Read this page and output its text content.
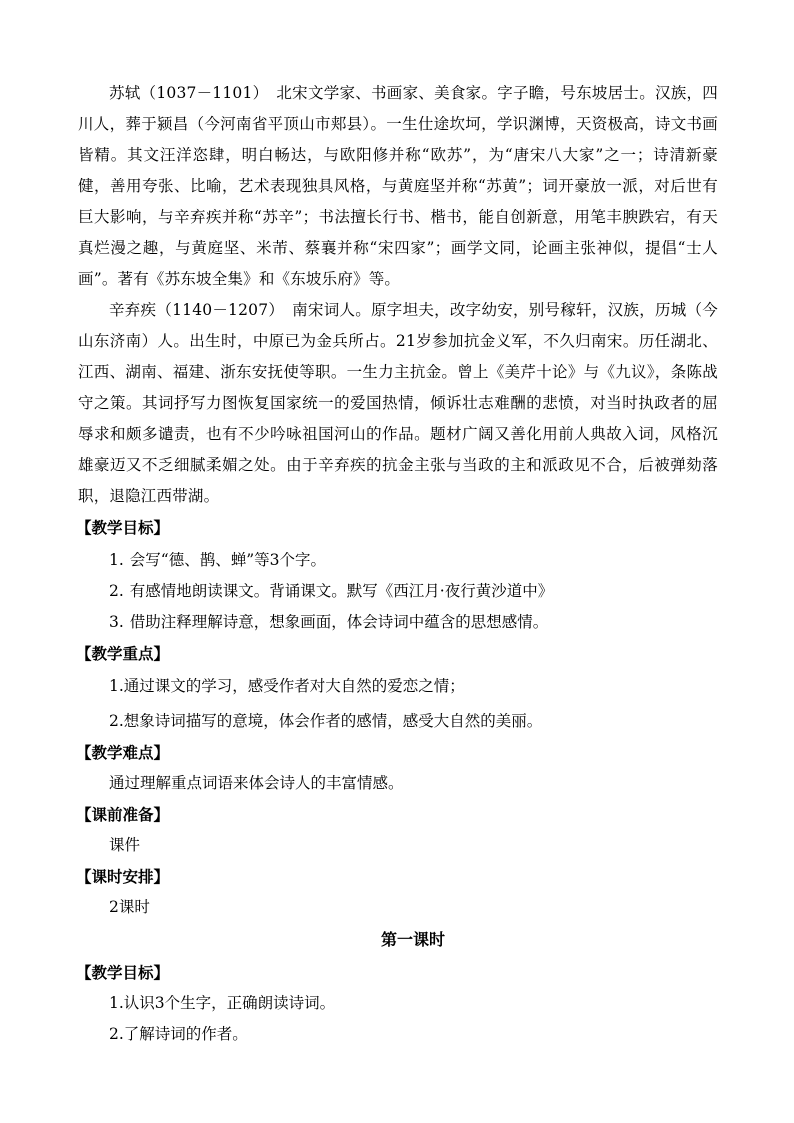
苏轼（1037－1101）　北宋文学家、书画家、美食家。字子瞻，号东坡居士。汉族，四川人，葬于颍昌（今河南省平顶山市郏县）。一生仕途坎坷，学识渊博，天资极高，诗文书画皆精。其文汪洋恣肆，明白畅达，与欧阳修并称“欧苏”，为“唐宋八大家”之一；诗清新豪健，善用夸张、比喻，艺术表现独具风格，与黄庭坚并称“苏黄”；词开豪放一派，对后世有巨大影响，与辛弃疾并称“苏辛”；书法擅长行书、楷书，能自创新意，用笔丰腴跌宕，有天真烂漫之趣，与黄庭坚、米芾、蔡襄并称“宋四家”；画学文同，论画主张神似，提倡“士人画”。著有《苏东坡全集》和《东坡乐府》等。

辛弃疾（1140－1207）　南宋词人。原字坦夫，改字幼安，别号稼轩，汉族，历城（今山东济南）人。出生时，中原已为金兵所占。21岁参加抗金义军，不久归南宋。历任湖北、江西、湖南、福建、浙东安抚使等职。一生力主抗金。曾上《美芹十论》与《九议》，条陈战守之策。其词抒写力图恢复国家统一的爱国热情，倾诉壮志难酬的悲愤，对当时执政者的屈辱求和颇多谴责，也有不少吟咏祖国河山的作品。题材广阔又善化用前人典故入词，风格沉雄豪迈又不乏细腻柔媚之处。由于辛弃疾的抗金主张与当政的主和派政见不合，后被弹劾落职，退隐江西带湖。

【教学目标】

1. 会写“德、鹊、蝉”等3个字。

2. 有感情地朗读课文。背诵课文。默写《西江月·夜行黄沙道中》

3. 借助注释理解诗意，想象画面，体会诗词中蕴含的思想感情。

【教学重点】

1.通过课文的学习，感受作者对大自然的爱恋之情；

2.想象诗词描写的意境，体会作者的感情，感受大自然的美丽。

【教学难点】

通过理解重点词语来体会诗人的丰富情感。

【课前准备】

课件

【课时安排】

2课时

第一课时

【教学目标】

1.认识3个生字，正确朗读诗词。

2.了解诗词的作者。
